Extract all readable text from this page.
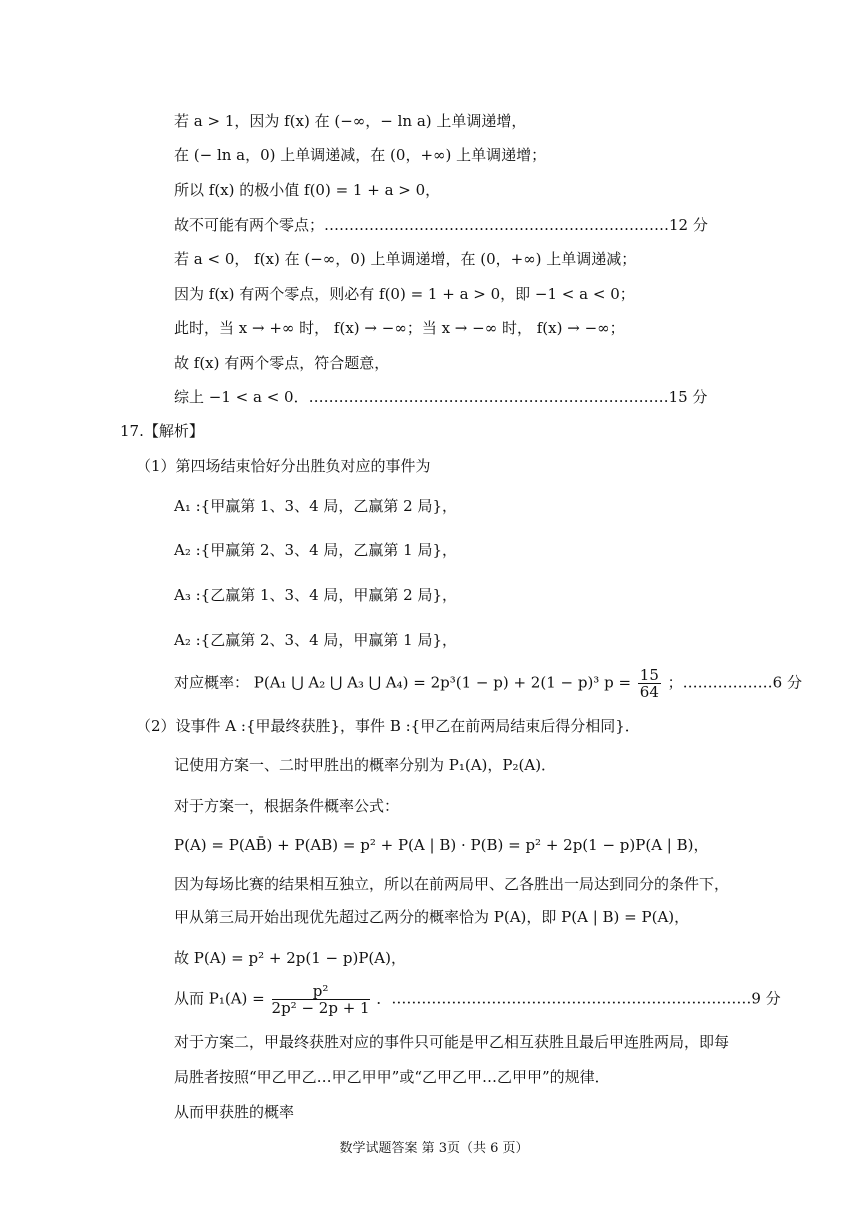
若 a > 1，因为 f(x) 在 (−∞，− ln a) 上单调递增，
在 (− ln a，0) 上单调递减，在 (0，+∞) 上单调递增；
所以 f(x) 的极小值 f(0) = 1 + a > 0，
故不可能有两个零点；……………………………………………………………12 分
若 a < 0， f(x) 在 (−∞，0) 上单调递增，在 (0，+∞) 上单调递减；
因为 f(x) 有两个零点，则必有 f(0) = 1 + a > 0，即 −1 < a < 0；
此时，当 x → +∞ 时， f(x) → −∞；当 x → −∞ 时， f(x) → −∞；
故 f(x) 有两个零点，符合题意，
综上 −1 < a < 0．………………………………………………………………15 分
17.【解析】
（1）第四场结束恰好分出胜负对应的事件为
A₁ :{甲赢第 1、3、4 局，乙赢第 2 局}，
A₂ :{甲赢第 2、3、4 局，乙赢第 1 局}，
A₃ :{乙赢第 1、3、4 局，甲赢第 2 局}，
A₂ :{乙赢第 2、3、4 局，甲赢第 1 局}，
对应概率： P(A₁ ⋃ A₂ ⋃ A₃ ⋃ A₄) = 2p³(1 − p) + 2(1 − p)³ $p = \frac{15}{64}$ ；………………6 分
（2）设事件 A :{甲最终获胜}，事件 B :{甲乙在前两局结束后得分相同}．
记使用方案一、二时甲胜出的概率分别为 P₁(A)，P₂(A)．
对于方案一，根据条件概率公式：
P(A) = P(AB̄) + P(AB) = p² + P(A | B) · P(B) = p² + 2p(1 − p)P(A | B)，
因为每场比赛的结果相互独立，所以在前两局甲、乙各胜出一局达到同分的条件下，
甲从第三局开始出现优先超过乙两分的概率恰为 P(A)，即 P(A | B) = P(A)，
故 P(A) = p² + 2p(1 − p)P(A)，
从而 $P_1(A) = \frac{\text{p²}}{\text{2p² − 2p + 1}}$ ．………………………………………………………………9 分
对于方案二，甲最终获胜对应的事件只可能是甲乙相互获胜且最后甲连胜两局，即每
局胜者按照“甲乙甲乙…甲乙甲甲”或“乙甲乙甲…乙甲甲”的规律．
从而甲获胜的概率
数学试题答案 第 3页（共 6 页）
